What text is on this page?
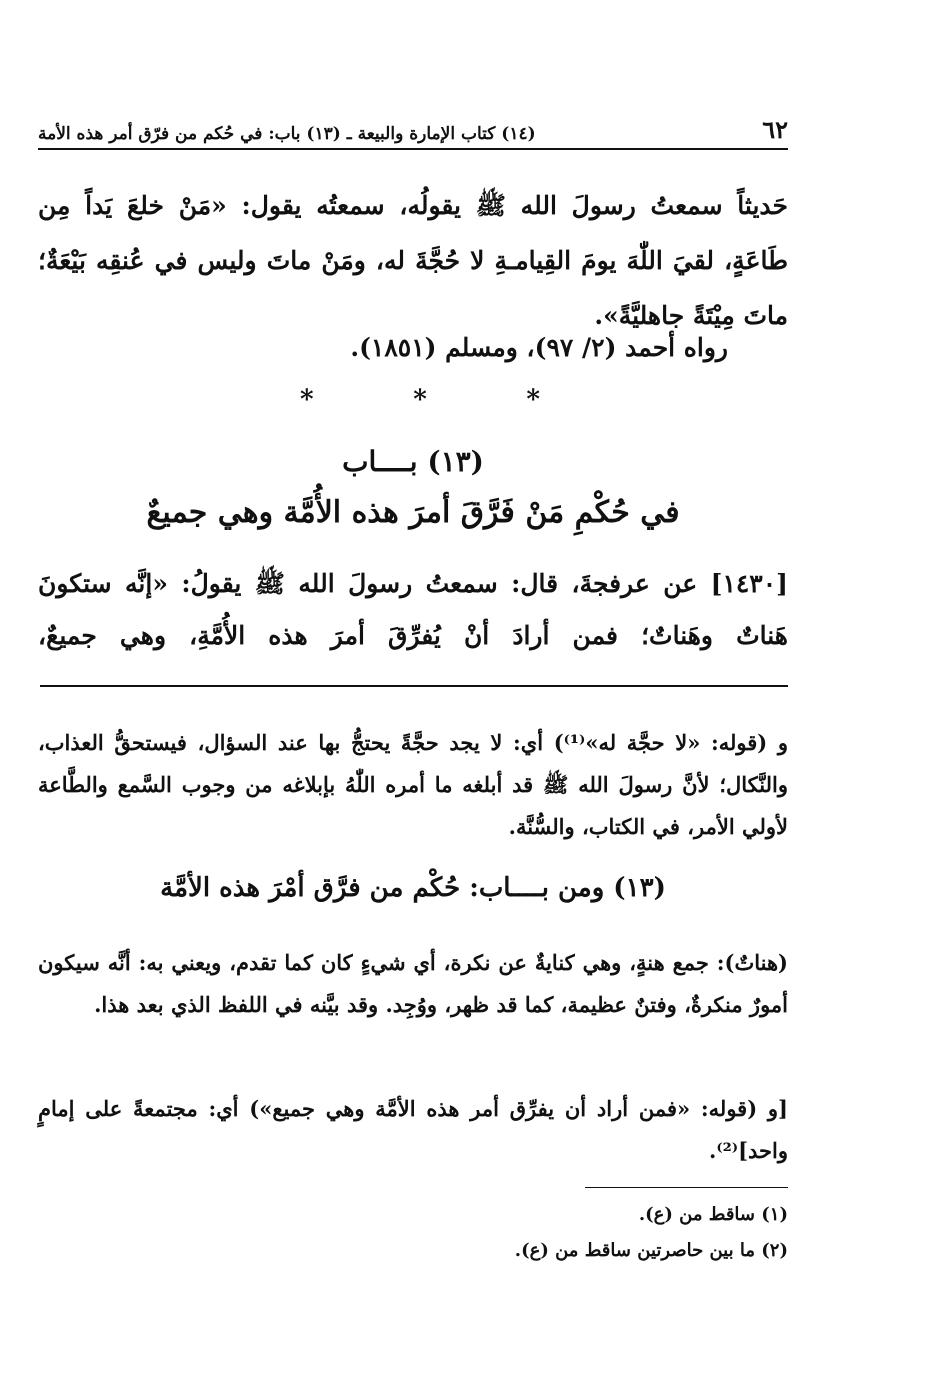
٦٢
(١٤) كتاب الإمارة والبيعة ـ (١٣) باب: في حُكم من فرّق أمر هذه الأمة
حَديثاً سمعتُ رسولَ الله ﷺ يقولُه، سمعتُه يقول: «مَنْ خلعَ يَداً مِن طَاعَةٍ، لقيَ اللّٰهَ يومَ القِيامـةِ لا حُجَّةَ له، ومَنْ ماتَ وليس في عُنقِه بَيْعَةٌ؛ ماتَ مِيْتَةً جاهليَّةً».
رواه أحمد (٢/ ٩٧)، ومسلم (١٨٥١).
*	*	*
(١٣) بــــاب
في حُكْمِ مَنْ فَرَّقَ أمرَ هذه الأُمَّة وهي جميعٌ
[١٤٣٠] عن عرفجةَ، قال: سمعتُ رسولَ الله ﷺ يقولُ: «إنَّه ستكونَ هَناتٌ وهَناتٌ؛ فمن أرادَ أنْ يُفرِّقَ أمرَ هذه الأُمَّةِ، وهي جميعٌ،
و (قوله: «لا حجَّة له»⁽¹⁾) أي: لا يجد حجَّةً يحتجُّ بها عند السؤال، فيستحقُّ العذاب، والنَّكال؛ لأنَّ رسولَ الله ﷺ قد أبلغه ما أمره اللّٰهُ بإبلاغه من وجوب السَّمع والطَّاعة لأولي الأمر، في الكتاب، والسُّنَّة.
(١٣) ومن بــــاب: حُكْم من فرَّق أمْرَ هذه الأمَّة
(هناتٌ): جمع هنةٍ، وهي كنايةٌ عن نكرة، أي شيءٍ كان كما تقدم، ويعني به: أنَّه سيكون أمورٌ منكرةٌ، وفتنٌ عظيمة، كما قد ظهر، ووُجِد. وقد بيَّنه في اللفظ الذي بعد هذا.
[و (قوله: «فمن أراد أن يفرِّق أمر هذه الأمَّة وهي جميع») أي: مجتمعةً على إمامٍ واحد]⁽²⁾.
(١) ساقط من (ع).
(٢) ما بين حاصرتين ساقط من (ع).
